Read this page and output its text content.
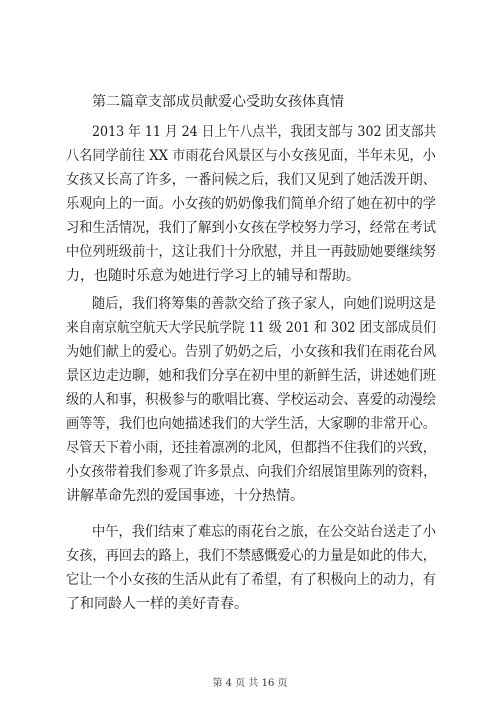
第二篇章支部成员献爱心受助女孩体真情
2013 年 11 月 24 日上午八点半，我团支部与 302 团支部共
八名同学前往 XX 市雨花台风景区与小女孩见面，半年未见，小
女孩又长高了许多，一番问候之后，我们又见到了她活泼开朗、
乐观向上的一面。小女孩的奶奶像我们简单介绍了她在初中的学
习和生活情况，我们了解到小女孩在学校努力学习，经常在考试
中位列班级前十，这让我们十分欣慰，并且一再鼓励她要继续努
力，也随时乐意为她进行学习上的辅导和帮助。
随后，我们将筹集的善款交给了孩子家人，向她们说明这是
来自南京航空航天大学民航学院 11 级 201 和 302 团支部成员们
为她们献上的爱心。告别了奶奶之后，小女孩和我们在雨花台风
景区边走边聊，她和我们分享在初中里的新鲜生活，讲述她们班
级的人和事，积极参与的歌唱比赛、学校运动会、喜爱的动漫绘
画等等，我们也向她描述我们的大学生活，大家聊的非常开心。
尽管天下着小雨，还挂着凛冽的北风，但都挡不住我们的兴致，
小女孩带着我们参观了许多景点、向我们介绍展馆里陈列的资料，
讲解革命先烈的爱国事迹，十分热情。
中午，我们结束了难忘的雨花台之旅，在公交站台送走了小
女孩，再回去的路上，我们不禁感慨爱心的力量是如此的伟大，
它让一个小女孩的生活从此有了希望，有了积极向上的动力，有
了和同龄人一样的美好青春。
第 4 页 共 16 页
